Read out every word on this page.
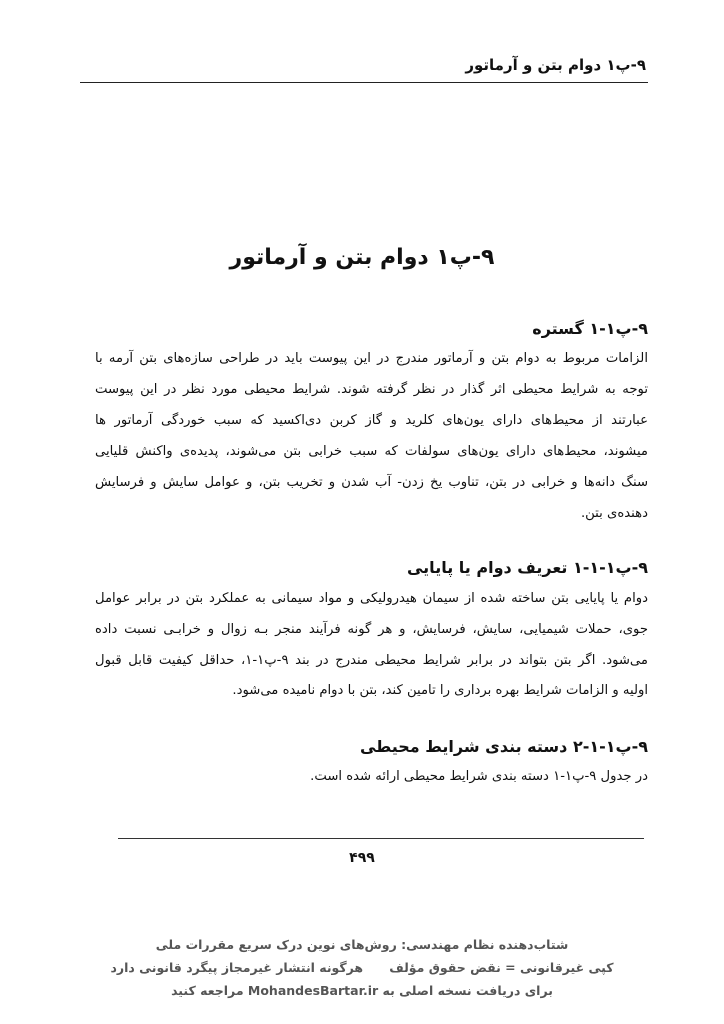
۹-پ۱ دوام بتن و آرماتور
۹-پ۱ دوام بتن و آرماتور
۹-پ۱-۱ گستره
الزامات مربوط به دوام بتن و آرماتور مندرج در این پیوست باید در طراحی سازه‌های بتن آرمه با
توجه به شرایط محیطی اثر گذار در نظر گرفته شوند. شرایط محیطی مورد نظر در این پیوست
عبارتند از محیط‌های دارای یون‌های کلرید و گاز کربن دی‌اکسید که سبب خوردگی آرماتور ها
میشوند، محیط‌های دارای یون‌های سولفات که سبب خرابی بتن می‌شوند، پدیده‌ی واکنش قلیایی
سنگ دانه‌ها و خرابی در بتن، تناوب یخ زدن- آب شدن و تخریب بتن، و عوامل سایش و فرسایش
دهنده‌ی بتن.
۹-پ۱-۱-۱ تعریف دوام یا پایایی
دوام یا پایایی بتن ساخته شده از سیمان هیدرولیکی و مواد سیمانی به عملکرد بتن در برابر عوامل
جوی، حملات شیمیایی، سایش، فرسایش، و هر گونه فرآیند منجر بـه زوال و خرابـی نسبت داده
می‌شود. اگر بتن بتواند در برابر شرایط محیطی مندرج در بند ۹-پ۱-۱، حداقل کیفیت قابل قبول
اولیه و الزامات شرایط بهره برداری را تامین کند، بتن با دوام نامیده می‌شود.
۹-پ۱-۱-۲ دسته بندی شرایط محیطی
در جدول ۹-پ۱-۱ دسته بندی شرایط محیطی ارائه شده است.
۴۹۹
شتاب‌دهنده نظام مهندسی: روش‌های نوین درک سریع مقررات ملی
کپی غیرقانونی = نقض حقوق مؤلف      هرگونه انتشار غیرمجاز پیگرد قانونی دارد
برای دریافت نسخه اصلی به MohandesBartar.ir مراجعه کنید
